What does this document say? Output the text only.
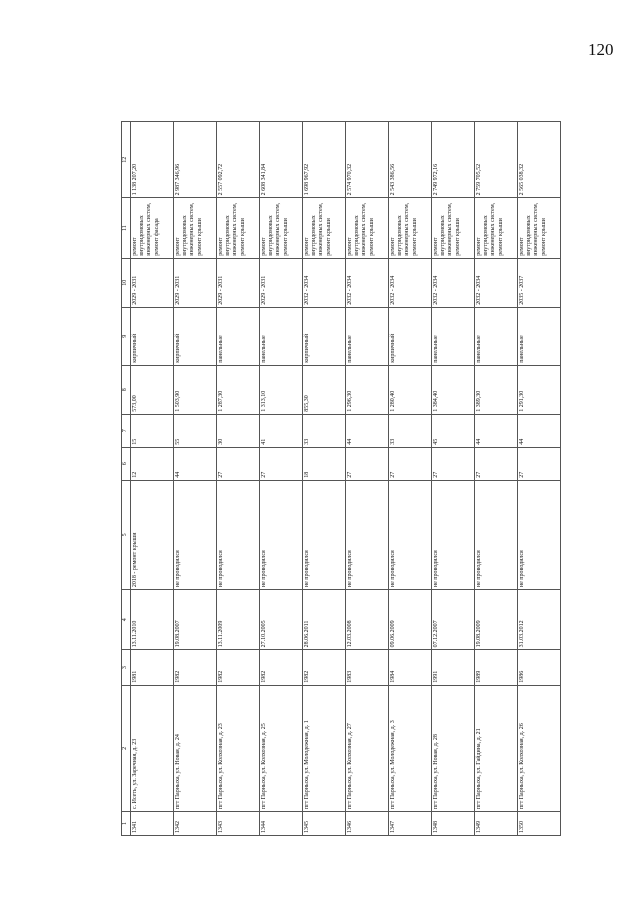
120
1	2	3	4	5	6	7	8	9	10	11	12
1341	с. Исеть, ул. Заречная, д. 23	1981	13.11.2010	2018 - ремонт крыши	12	15	573,00	кирпичный	2029 - 2031	ремонт внутридомовых инженерных систем, ремонт фасада	1 138 207,20
1342	пгт Парныха, ул. Новая, д. 24	1982	19.08.2007	не проводился	44	55	1 503,90	кирпичный	2029 - 2031	ремонт внутридомовых инженерных систем, ремонт крыши	2 987 346,96
1343	пгт Парныха, ул. Колхозная, д. 23	1982	13.11.2009	не проводился	27	30	1 287,30	панельные	2029 - 2031	ремонт внутридомовых инженерных систем, ремонт крыши	2 557 092,72
1344	пгт Парныха, ул. Колхозная, д. 25	1982	27.10.2005	не проводился	27	41	1 313,10	панельные	2029 - 2031	ремонт внутридомовых инженерных систем, ремонт крыши	2 608 341,84
1345	пгт Парныха, ул. Молодежная, д. 1	1982	28.06.2011	не проводился	18	33	855,30	кирпичный	2032 - 2034	ремонт внутридомовых инженерных систем, ремонт крыши	1 698 967,92
1346	пгт Парныха, ул. Колхозная, д. 27	1983	12.03.2008	не проводился	27	44	1 296,30	панельные	2032 - 2034	ремонт внутридомовых инженерных систем, ремонт крыши	2 574 970,32
1347	пгт Парныха, ул. Молодежная, д. 3	1984	09.06.2009	не проводился	27	33	1 280,40	кирпичный	2032 - 2034	ремонт внутридомовых инженерных систем, ремонт крыши	2 543 386,56
1348	пгт Парныха, ул. Новая, д. 28	1991	07.12.2007	не проводился	27	45	1 384,40	панельные	2032 - 2034	ремонт внутридомовых инженерных систем, ремонт крыши	2 749 972,16
1349	пгт Парныха, ул. Гайдина, д. 21	1989	19.08.2009	не проводился	27	44	1 389,30	панельные	2032 - 2034	ремонт внутридомовых инженерных систем, ремонт крыши	2 759 705,52
1350	пгт Парныха, ул. Колхозная, д. 26	1986	31.03.2012	не проводился	27	44	1 291,30	панельные	2035 - 2037	ремонт внутридомовых инженерных систем, ремонт крыши	2 565 038,32
